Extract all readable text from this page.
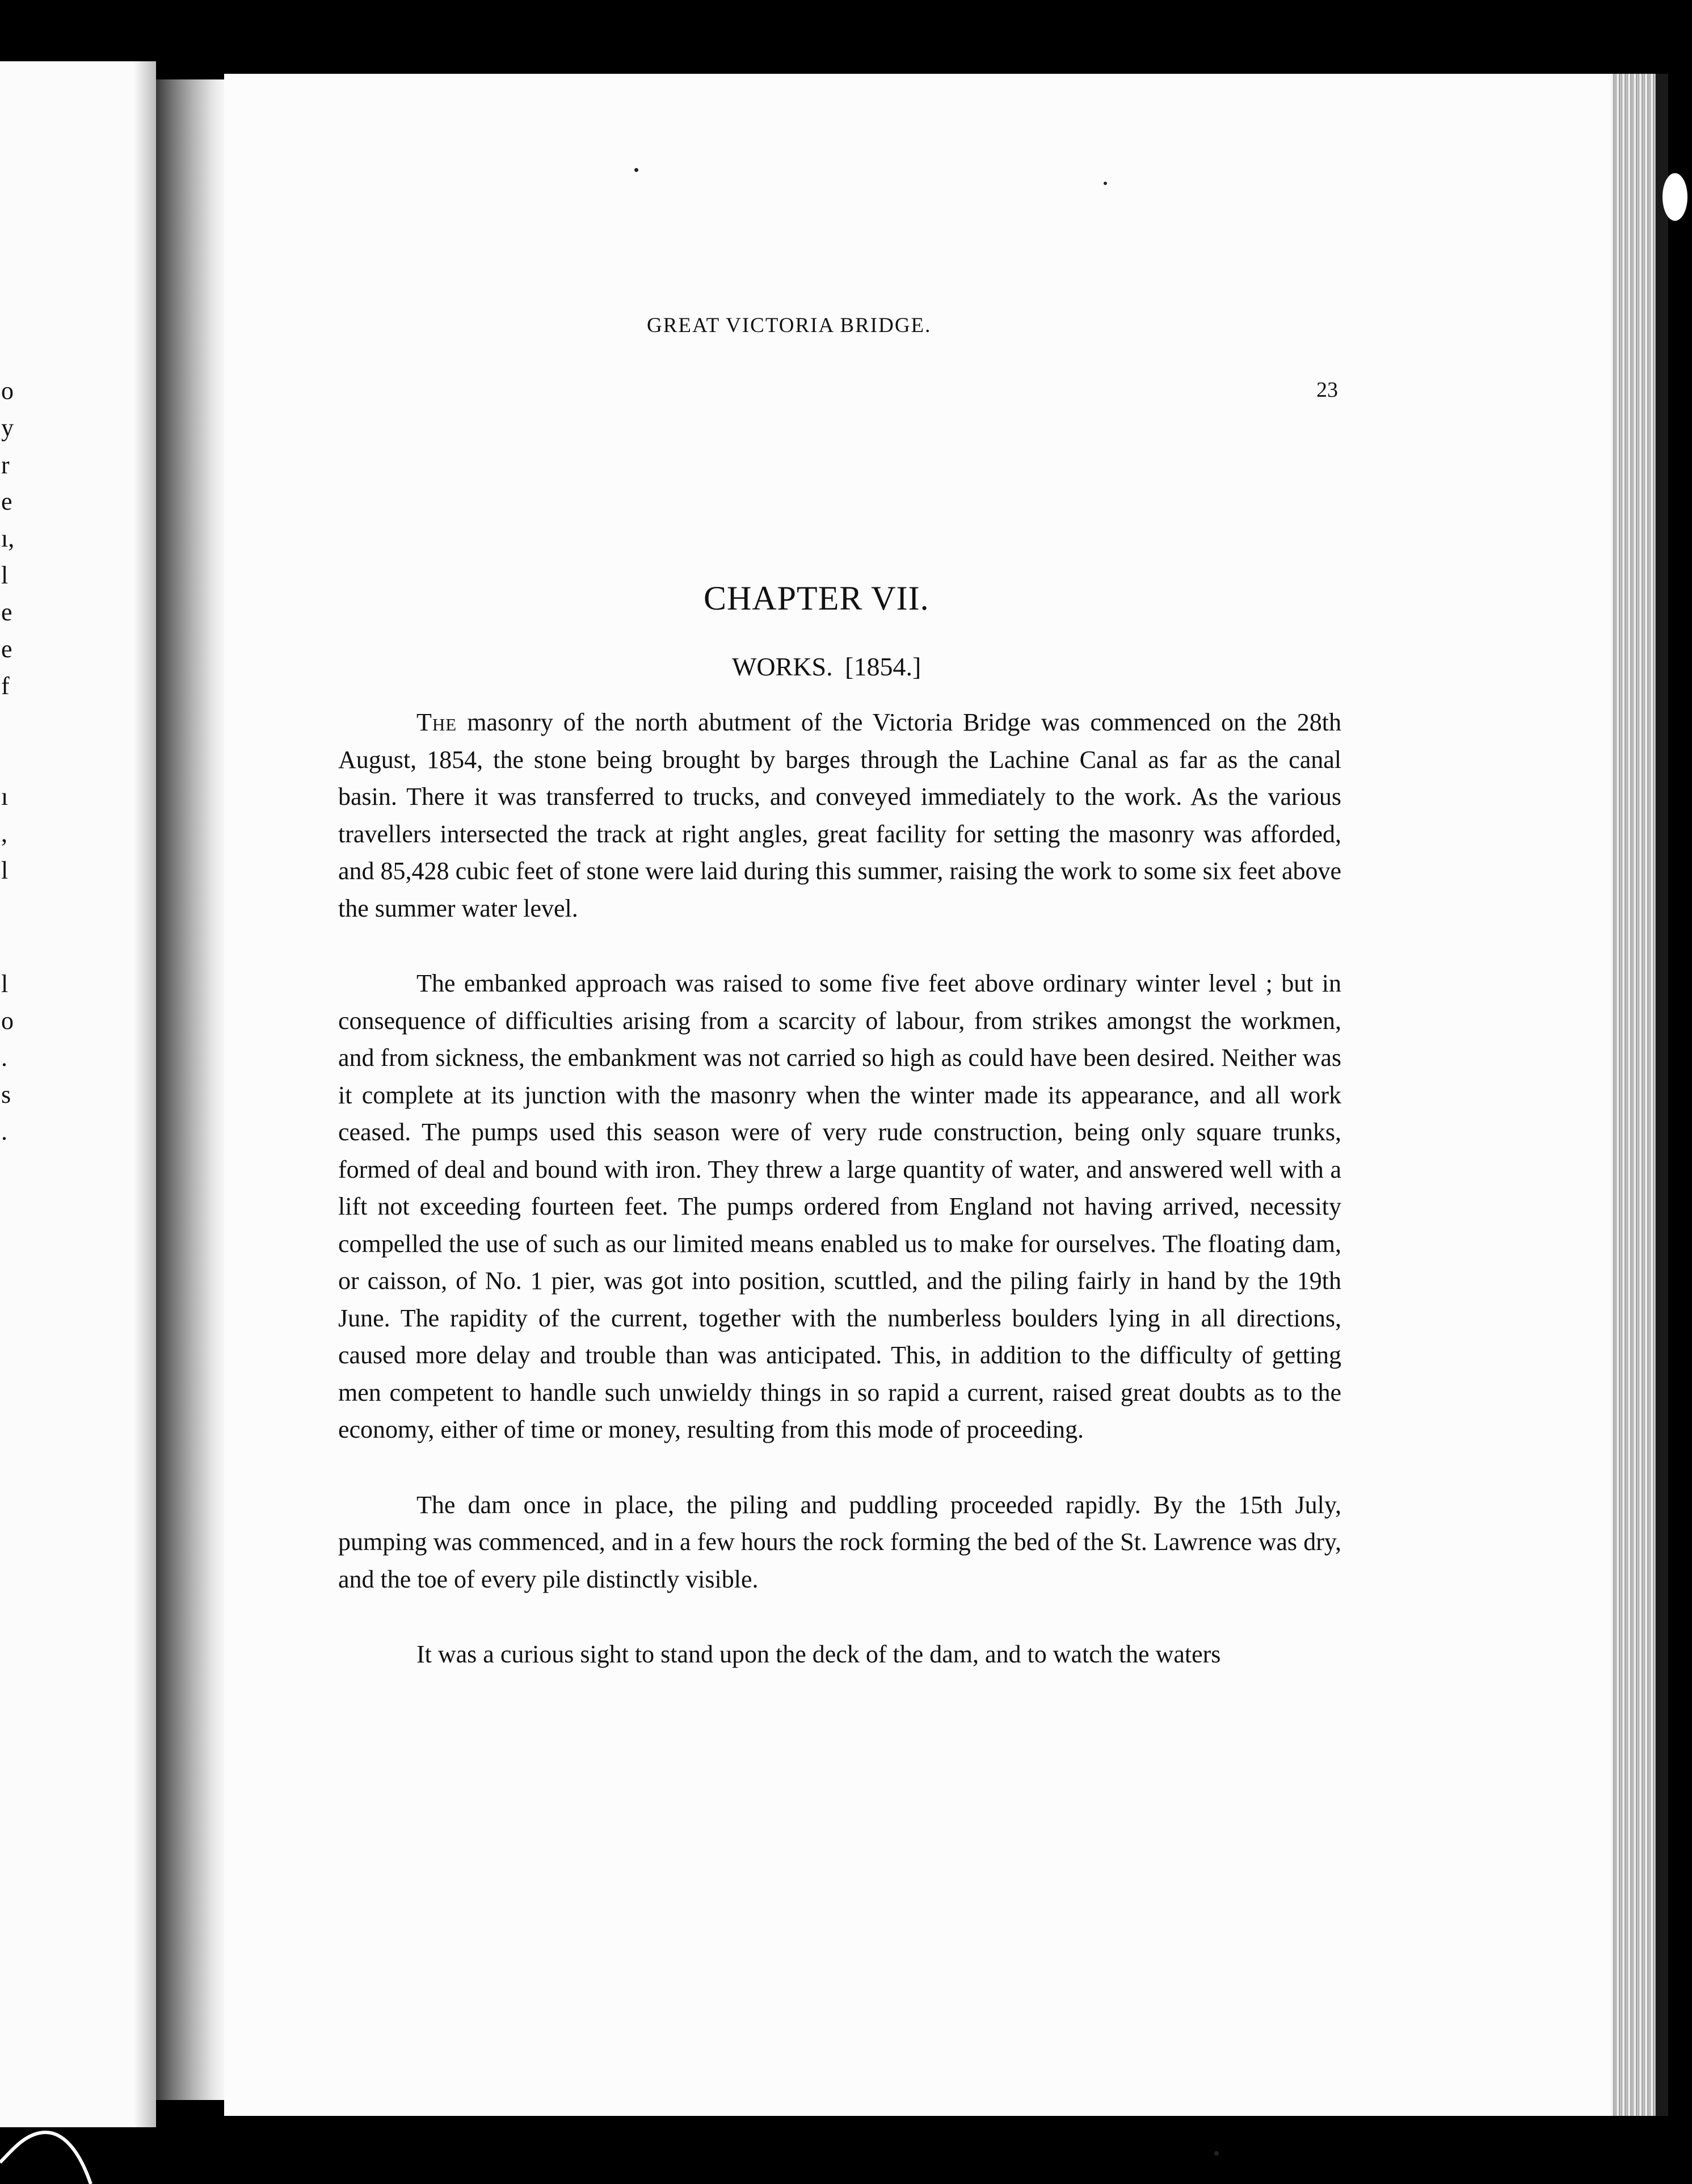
o
y
r
e
ı,
l
e
e
f
ı
,
l
l
o
.
s
.
GREAT VICTORIA BRIDGE.
23
CHAPTER VII.
WORKS. [1854.]

The masonry of the north abutment of the Victoria Bridge was commenced on the 28th August, 1854, the stone being brought by barges through the Lachine Canal as far as the canal basin. There it was transferred to trucks, and conveyed immediately to the work. As the various travellers intersected the track at right angles, great facility for setting the masonry was afforded, and 85,428 cubic feet of stone were laid during this summer, raising the work to some six feet above the summer water level.

The embanked approach was raised to some five feet above ordinary winter level ; but in consequence of difficulties arising from a scarcity of labour, from strikes amongst the workmen, and from sickness, the embankment was not carried so high as could have been desired. Neither was it complete at its junction with the masonry when the winter made its appearance, and all work ceased. The pumps used this season were of very rude construction, being only square trunks, formed of deal and bound with iron. They threw a large quantity of water, and answered well with a lift not exceeding fourteen feet. The pumps ordered from England not having arrived, necessity compelled the use of such as our limited means enabled us to make for ourselves. The floating dam, or caisson, of No. 1 pier, was got into position, scuttled, and the piling fairly in hand by the 19th June. The rapidity of the current, together with the numberless boulders lying in all directions, caused more delay and trouble than was anticipated. This, in addition to the difficulty of getting men competent to handle such unwieldy things in so rapid a current, raised great doubts as to the economy, either of time or money, resulting from this mode of proceeding.

The dam once in place, the piling and puddling proceeded rapidly. By the 15th July, pumping was commenced, and in a few hours the rock forming the bed of the St. Lawrence was dry, and the toe of every pile distinctly visible.

It was a curious sight to stand upon the deck of the dam, and to watch the waters
